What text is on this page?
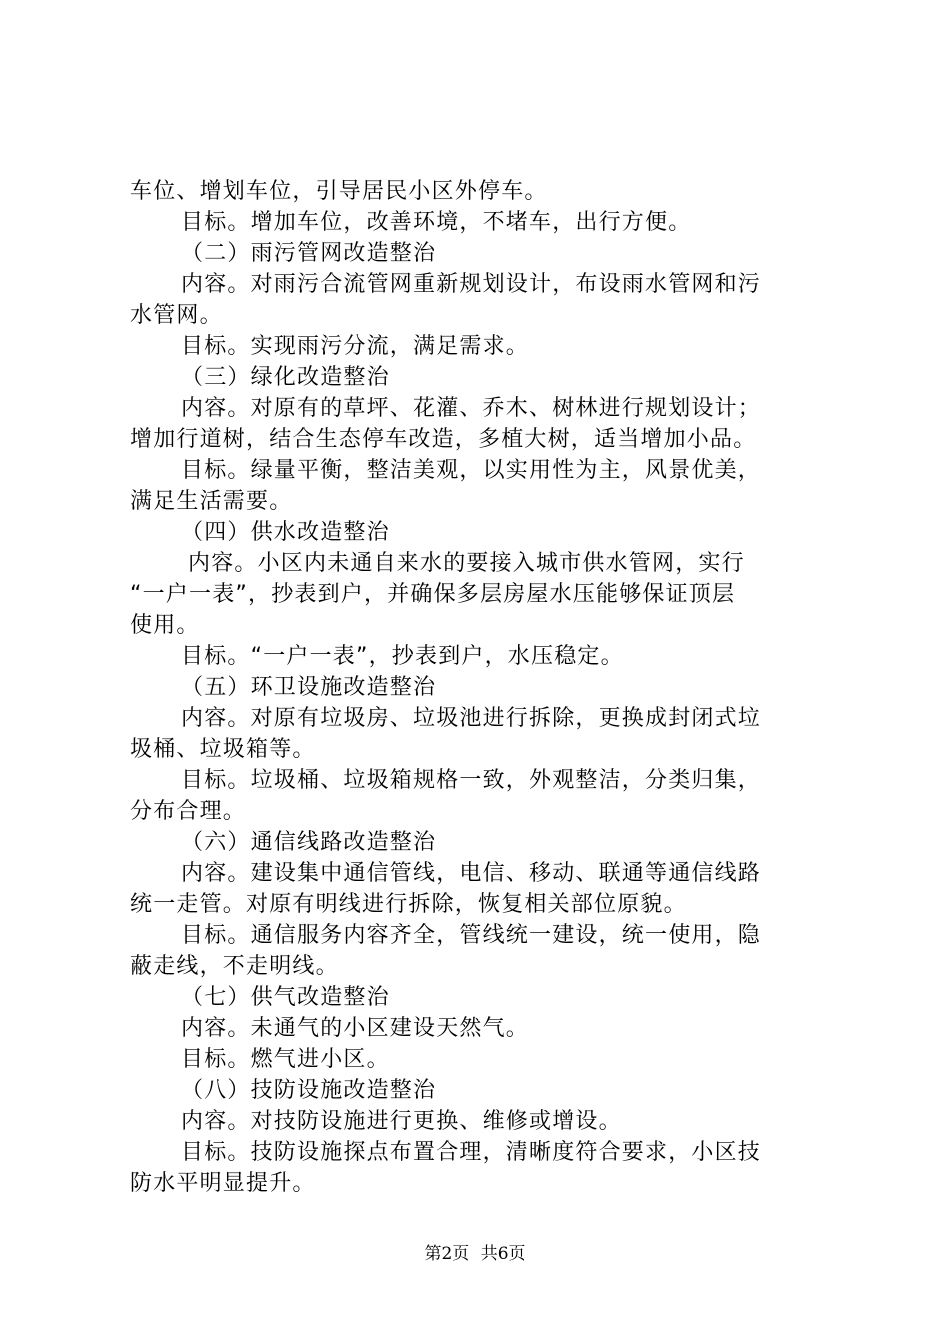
车位、增划车位，引导居民小区外停车。
目标。增加车位，改善环境，不堵车，出行方便。
（二）雨污管网改造整治
内容。对雨污合流管网重新规划设计，布设雨水管网和污
水管网。
目标。实现雨污分流，满足需求。
（三）绿化改造整治
内容。对原有的草坪、花灌、乔木、树林进行规划设计；
增加行道树，结合生态停车改造，多植大树，适当增加小品。
目标。绿量平衡，整洁美观，以实用性为主，风景优美，
满足生活需要。
（四）供水改造整治
内容。小区内未通自来水的要接入城市供水管网，实行
“一户一表”，抄表到户，并确保多层房屋水压能够保证顶层
使用。
目标。“一户一表”，抄表到户，水压稳定。
（五）环卫设施改造整治
内容。对原有垃圾房、垃圾池进行拆除，更换成封闭式垃
圾桶、垃圾箱等。
目标。垃圾桶、垃圾箱规格一致，外观整洁，分类归集，
分布合理。
（六）通信线路改造整治
内容。建设集中通信管线，电信、移动、联通等通信线路
统一走管。对原有明线进行拆除，恢复相关部位原貌。
目标。通信服务内容齐全，管线统一建设，统一使用，隐
蔽走线，不走明线。
（七）供气改造整治
内容。未通气的小区建设天然气。
目标。燃气进小区。
（八）技防设施改造整治
内容。对技防设施进行更换、维修或增设。
目标。技防设施探点布置合理，清晰度符合要求，小区技
防水平明显提升。
第2页 共6页
